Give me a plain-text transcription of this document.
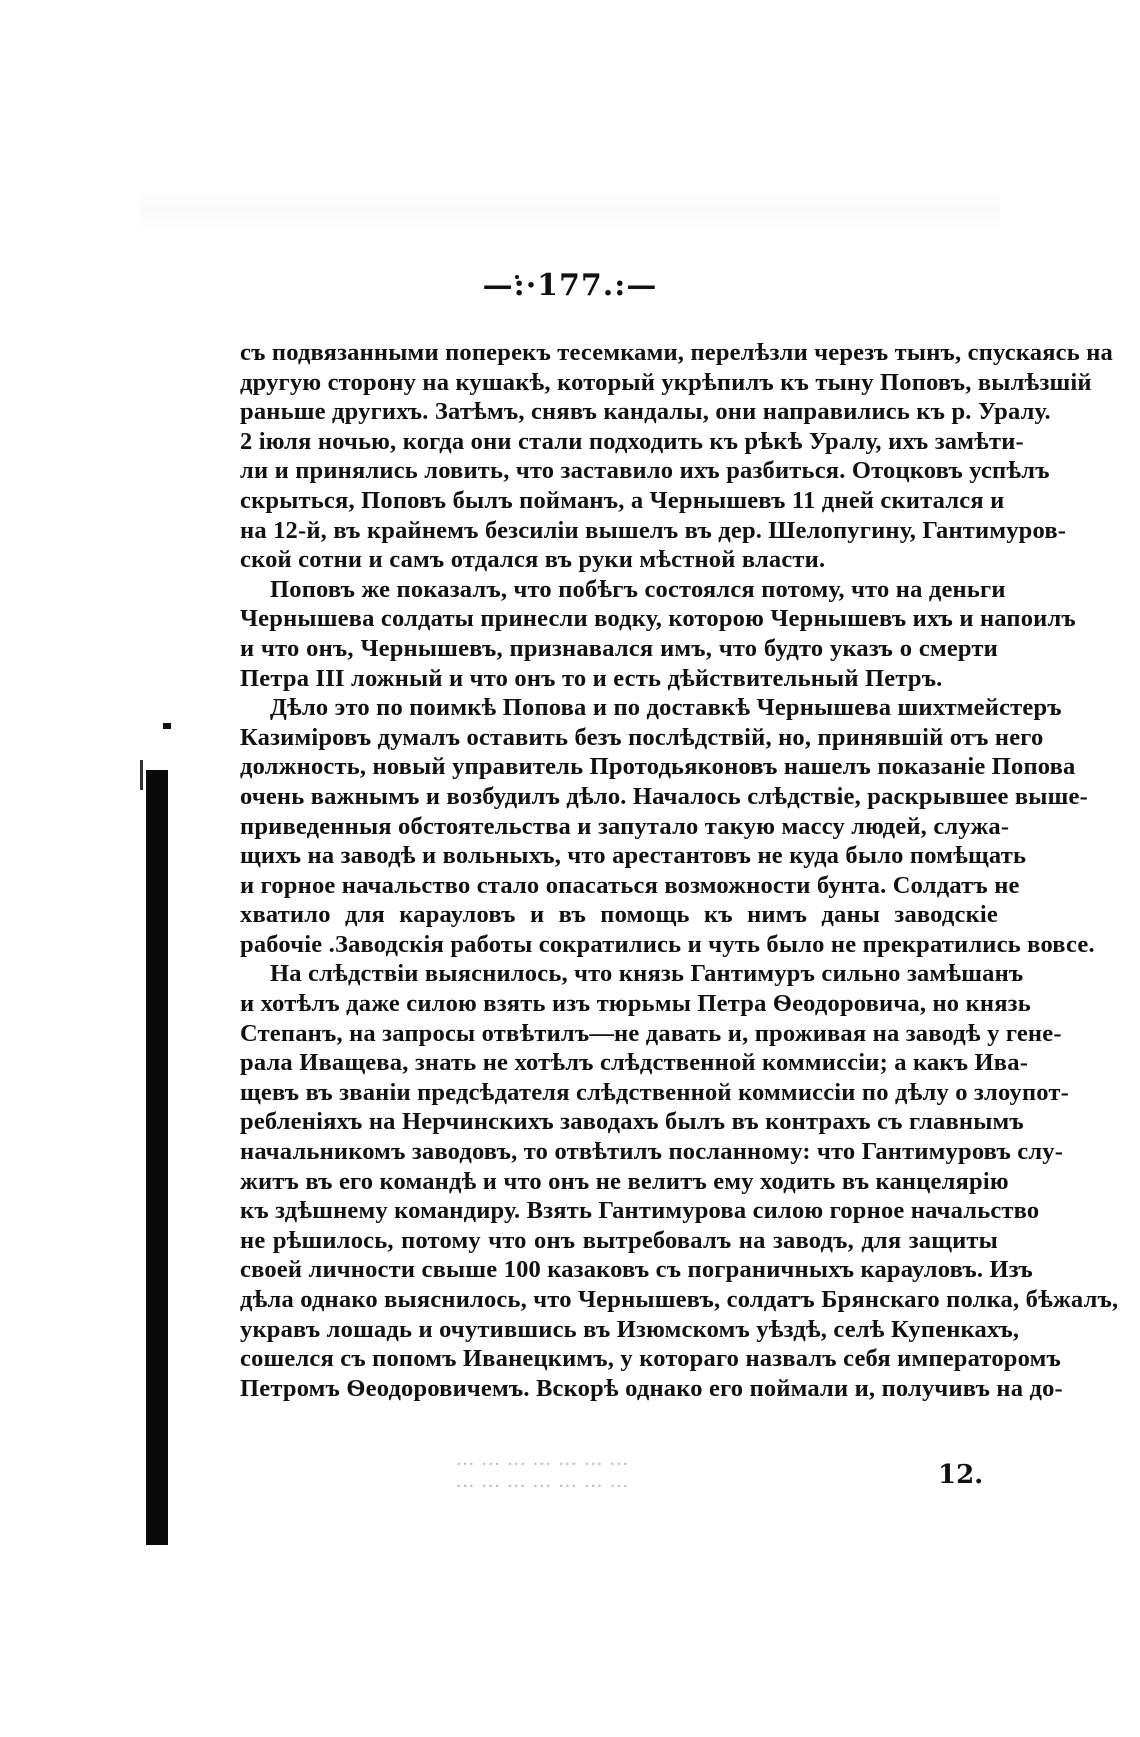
—:·177.:—
съ подвязанными поперекъ тесемками, перелѣзли черезъ тынъ, спускаясь на
другую сторону на кушакѣ, который укрѣпилъ къ тыну Поповъ, вылѣзшій
раньше другихъ. Затѣмъ, снявъ кандалы, они направились къ р. Уралу.
2 іюля ночью, когда они стали подходить къ рѣкѣ Уралу, ихъ замѣти-
ли и принялись ловить, что заставило ихъ разбиться. Отоцковъ успѣлъ
скрыться, Поповъ былъ пойманъ, а Чернышевъ 11 дней скитался и
на 12-й, въ крайнемъ безсиліи вышелъ въ дер. Шелопугину, Гантимуров-
ской сотни и самъ отдался въ руки мѣстной власти.
Поповъ же показалъ, что побѣгъ состоялся потому, что на деньги
Чернышева солдаты принесли водку, которою Чернышевъ ихъ и напоилъ
и что онъ, Чернышевъ, признавался имъ, что будто указъ о смерти
Петра III ложный и что онъ то и есть дѣйствительный Петръ.
Дѣло это по поимкѣ Попова и по доставкѣ Чернышева шихтмейстеръ
Казиміровъ думалъ оставить безъ послѣдствій, но, принявшій отъ него
должность, новый управитель Протодьяконовъ нашелъ показаніе Попова
очень важнымъ и возбудилъ дѣло. Началось слѣдствіе, раскрывшее выше-
приведенныя обстоятельства и запутало такую массу людей, служа-
щихъ на заводѣ и вольныхъ, что арестантовъ не куда было помѣщать
и горное начальство стало опасаться возможности бунта. Солдатъ не
хватило для карауловъ и въ помощь къ нимъ даны заводскіе
рабочіе .Заводскія работы сократились и чуть было не прекратились вовсе.
На слѣдствіи выяснилось, что князь Гантимуръ сильно замѣшанъ
и хотѣлъ даже силою взять изъ тюрьмы Петра Ѳеодоровича, но князь
Степанъ, на запросы отвѣтилъ—не давать и, проживая на заводѣ у гене-
рала Иващева, знать не хотѣлъ слѣдственной коммиссіи; а какъ Ива-
щевъ въ званіи предсѣдателя слѣдственной коммиссіи по дѣлу о злоупот-
ребленіяхъ на Нерчинскихъ заводахъ былъ въ контрахъ съ главнымъ
начальникомъ заводовъ, то отвѣтилъ посланному: что Гантимуровъ слу-
житъ въ его командѣ и что онъ не велитъ ему ходить въ канцелярію
къ здѣшнему командиру. Взять Гантимурова силою горное начальство
не рѣшилось, потому что онъ вытребовалъ на заводъ, для защиты
своей личности свыше 100 казаковъ съ пограничныхъ карауловъ. Изъ
дѣла однако выяснилось, что Чернышевъ, солдатъ Брянскаго полка, бѣжалъ,
укравъ лошадь и очутившись въ Изюмскомъ уѣздѣ, селѣ Купенкахъ,
сошелся съ попомъ Иванецкимъ, у котораго назвалъ себя императоромъ
Петромъ Ѳеодоровичемъ. Вскорѣ однако его поймали и, получивъ на до-
... ... ... ... ... ... ...
... ... ... ... ... ... ...	12.
